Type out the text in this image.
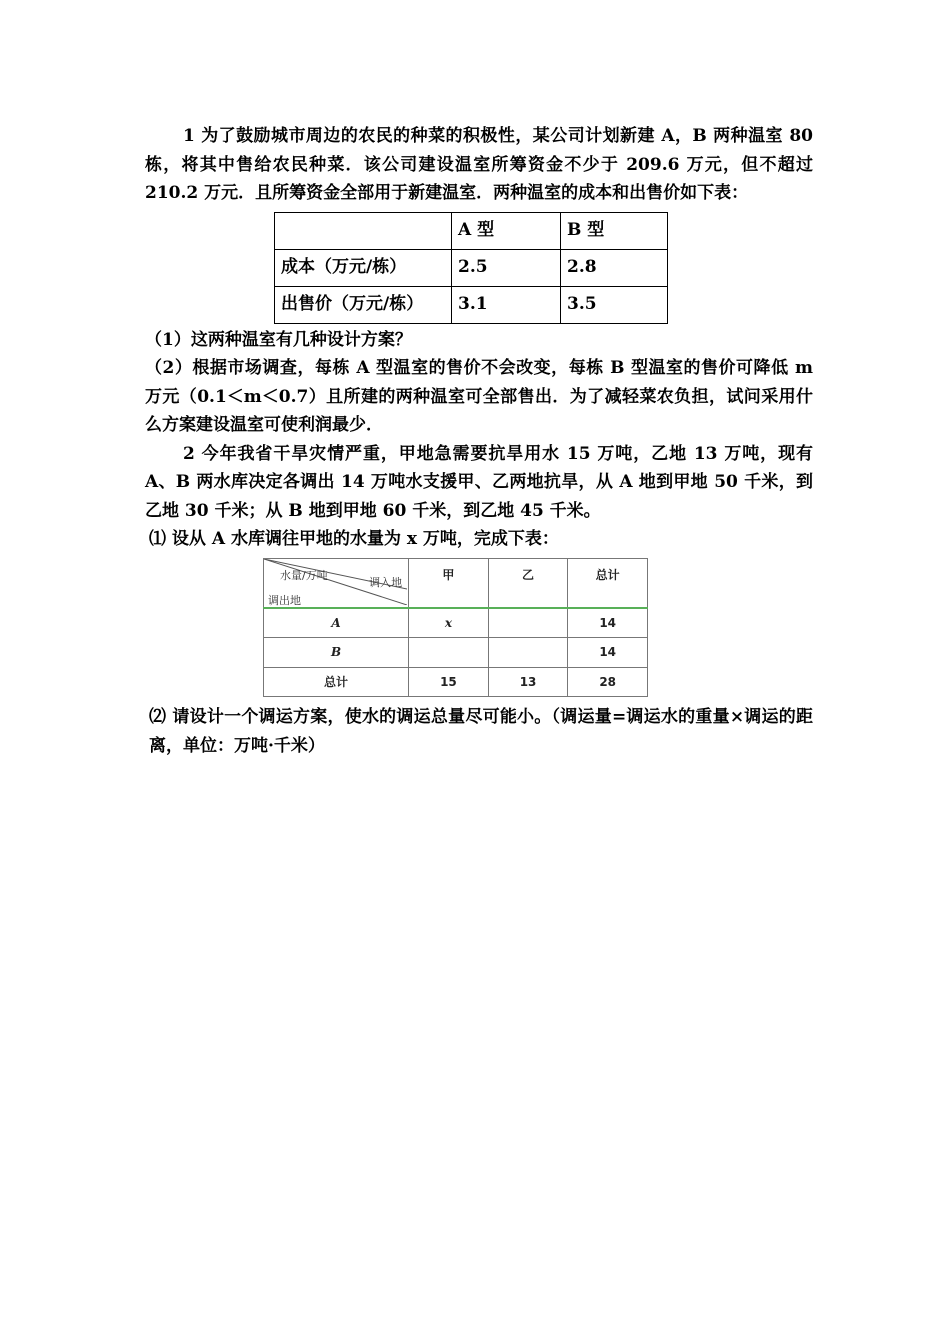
1 为了鼓励城市周边的农民的种菜的积极性，某公司计划新建 A，B 两种温室 80 栋，将其中售给农民种菜．该公司建设温室所筹资金不少于 209.6 万元，但不超过 210.2 万元．且所筹资金全部用于新建温室．两种温室的成本和出售价如下表：

	A 型	B 型
成本（万元/栋）	2.5	2.8
出售价（万元/栋）	3.1	3.5

（1）这两种温室有几种设计方案？

（2）根据市场调查，每栋 A 型温室的售价不会改变，每栋 B 型温室的售价可降低 m 万元（0.1＜m＜0.7）且所建的两种温室可全部售出．为了减轻菜农负担，试问采用什么方案建设温室可使利润最少．

2 今年我省干旱灾情严重，甲地急需要抗旱用水 15 万吨，乙地 13 万吨，现有 A、B 两水库决定各调出 14 万吨水支援甲、乙两地抗旱，从 A 地到甲地 50 千米，到乙地 30 千米；从 B 地到甲地 60 千米，到乙地 45 千米。

⑴ 设从 A 水库调往甲地的水量为 x 万吨，完成下表：

水量/万吨
调入地
调出地	甲	乙	总计
A	x		14
B			14
总计	15	13	28

⑵ 请设计一个调运方案，使水的调运总量尽可能小。（调运量=调运水的重量×调运的距离，单位：万吨·千米）
